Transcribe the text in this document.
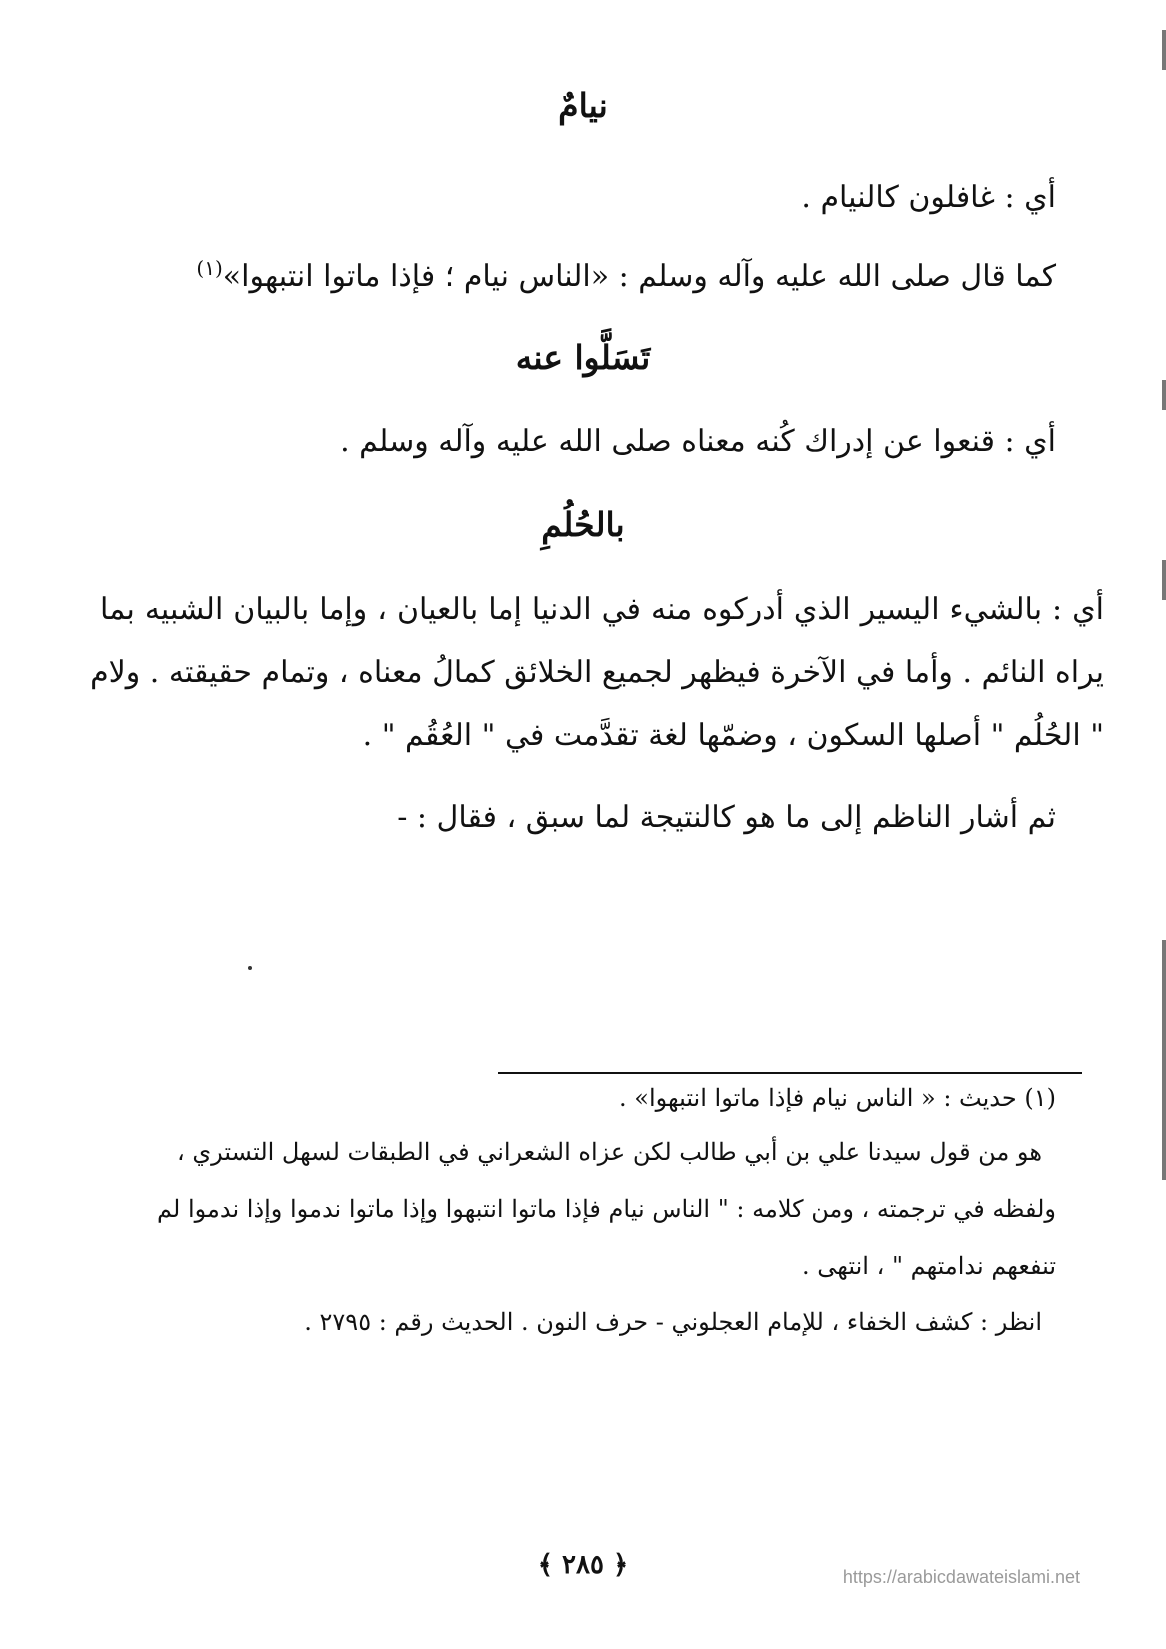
نيامٌ
أي : غافلون كالنيام .
كما قال صلى الله عليه وآله وسلم : «الناس نيام ؛ فإذا ماتوا انتبهوا»$^{(١)}$
تَسَلَّوا عنه
أي : قنعوا عن إدراك كُنه معناه صلى الله عليه وآله وسلم .
بالحُلُمِ
أي : بالشيء اليسير الذي أدركوه منه في الدنيا إما بالعيان ، وإما بالبيان الشبيه بما
يراه النائم . وأما في الآخرة فيظهر لجميع الخلائق كمالُ معناه ، وتمام حقيقته . ولام
" الحُلُم " أصلها السكون ، وضمّها لغة تقدَّمت في " العُقُم " .
ثم أشار الناظم إلى ما هو كالنتيجة لما سبق ، فقال : -
(١) حديث : « الناس نيام فإذا ماتوا انتبهوا» .
هو من قول سيدنا علي بن أبي طالب لكن عزاه الشعراني في الطبقات لسهل التستري ،
ولفظه في ترجمته ، ومن كلامه : " الناس نيام فإذا ماتوا انتبهوا وإذا ماتوا ندموا وإذا ندموا لم
تنفعهم ندامتهم " ، انتهى .
انظر : كشف الخفاء ، للإمام العجلوني - حرف النون . الحديث رقم : ٢٧٩٥ .
﴿ ٢٨٥ ﴾	https://arabicdawateislami.net
